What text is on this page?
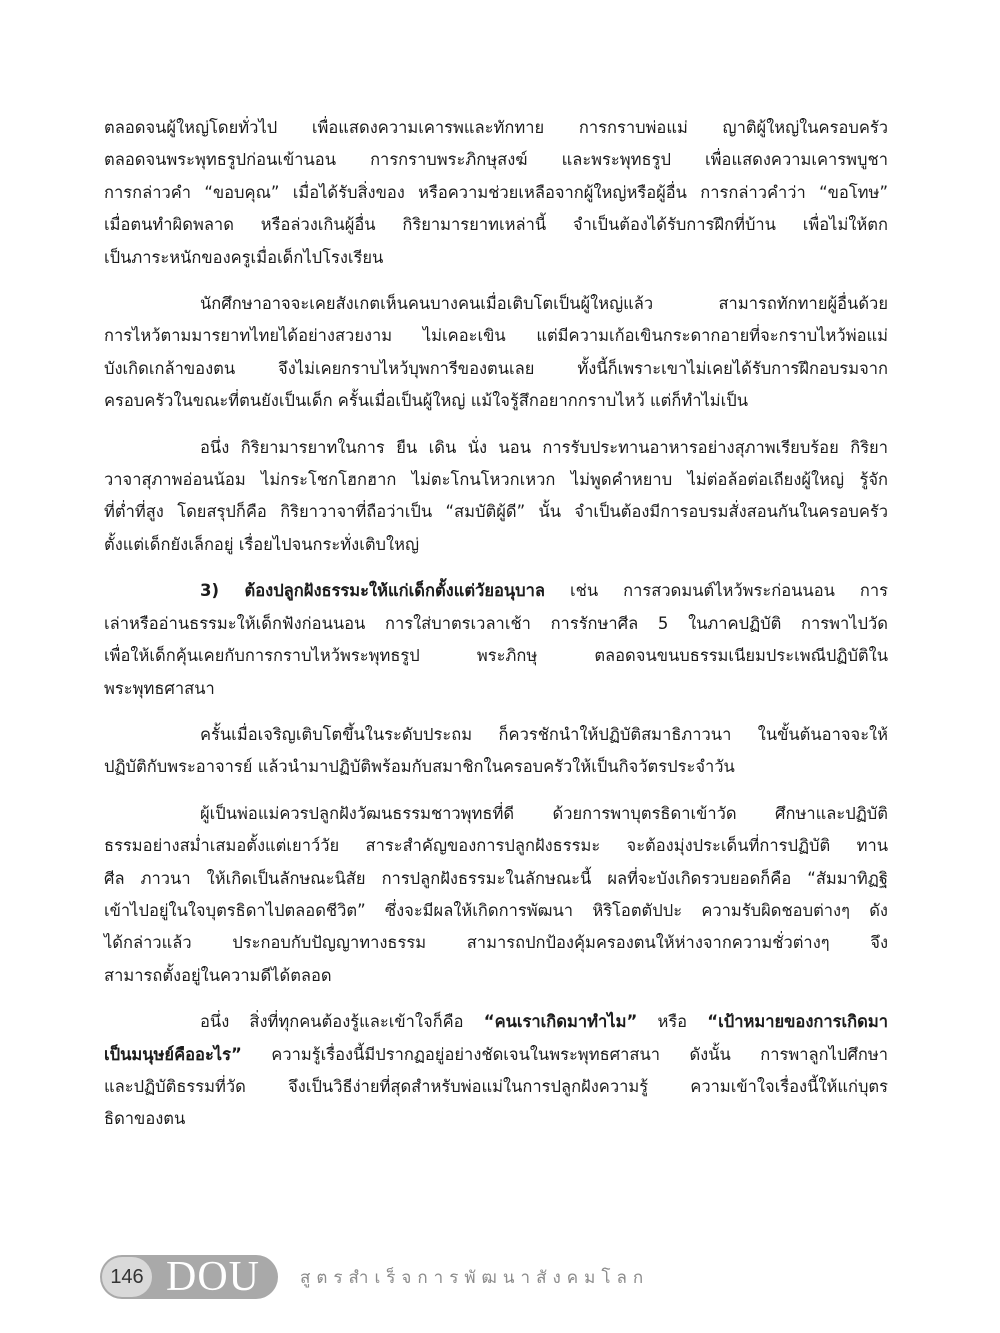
ตลอดจนผู้ใหญ่โดยทั่วไป เพื่อแสดงความเคารพและทักทาย การกราบพ่อแม่ ญาติผู้ใหญ่ในครอบครัว
ตลอดจนพระพุทธรูปก่อนเข้านอน การกราบพระภิกษุสงฆ์ และพระพุทธรูป เพื่อแสดงความเคารพบูชา
การกล่าวคำ “ขอบคุณ” เมื่อได้รับสิ่งของ หรือความช่วยเหลือจากผู้ใหญ่หรือผู้อื่น การกล่าวคำว่า “ขอโทษ”
เมื่อตนทำผิดพลาด หรือล่วงเกินผู้อื่น กิริยามารยาทเหล่านี้ จำเป็นต้องได้รับการฝึกที่บ้าน เพื่อไม่ให้ตก
เป็นภาระหนักของครูเมื่อเด็กไปโรงเรียน
นักศึกษาอาจจะเคยสังเกตเห็นคนบางคนเมื่อเติบโตเป็นผู้ใหญ่แล้ว สามารถทักทายผู้อื่นด้วย
การไหว้ตามมารยาทไทยได้อย่างสวยงาม ไม่เคอะเขิน แต่มีความเก้อเขินกระดากอายที่จะกราบไหว้พ่อแม่
บังเกิดเกล้าของตน จึงไม่เคยกราบไหว้บุพการีของตนเลย ทั้งนี้ก็เพราะเขาไม่เคยได้รับการฝึกอบรมจาก
ครอบครัวในขณะที่ตนยังเป็นเด็ก ครั้นเมื่อเป็นผู้ใหญ่ แม้ใจรู้สึกอยากกราบไหว้ แต่ก็ทำไม่เป็น
อนึ่ง กิริยามารยาทในการ ยืน เดิน นั่ง นอน การรับประทานอาหารอย่างสุภาพเรียบร้อย กิริยา
วาจาสุภาพอ่อนน้อม ไม่กระโชกโฮกฮาก ไม่ตะโกนโหวกเหวก ไม่พูดคำหยาบ ไม่ต่อล้อต่อเถียงผู้ใหญ่ รู้จัก
ที่ต่ำที่สูง โดยสรุปก็คือ กิริยาวาจาที่ถือว่าเป็น “สมบัติผู้ดี” นั้น จำเป็นต้องมีการอบรมสั่งสอนกันในครอบครัว
ตั้งแต่เด็กยังเล็กอยู่ เรื่อยไปจนกระทั่งเติบใหญ่
3) ต้องปลูกฝังธรรมะให้แก่เด็กตั้งแต่วัยอนุบาล เช่น การสวดมนต์ไหว้พระก่อนนอน การ
เล่าหรืออ่านธรรมะให้เด็กฟังก่อนนอน การใส่บาตรเวลาเช้า การรักษาศีล 5 ในภาคปฏิบัติ การพาไปวัด
เพื่อให้เด็กคุ้นเคยกับการกราบไหว้พระพุทธรูป พระภิกษุ ตลอดจนขนบธรรมเนียมประเพณีปฏิบัติใน
พระพุทธศาสนา
ครั้นเมื่อเจริญเติบโตขึ้นในระดับประถม ก็ควรชักนำให้ปฏิบัติสมาธิภาวนา ในขั้นต้นอาจจะให้
ปฏิบัติกับพระอาจารย์ แล้วนำมาปฏิบัติพร้อมกับสมาชิกในครอบครัวให้เป็นกิจวัตรประจำวัน
ผู้เป็นพ่อแม่ควรปลูกฝังวัฒนธรรมชาวพุทธที่ดี ด้วยการพาบุตรธิดาเข้าวัด ศึกษาและปฏิบัติ
ธรรมอย่างสม่ำเสมอตั้งแต่เยาว์วัย สาระสำคัญของการปลูกฝังธรรมะ จะต้องมุ่งประเด็นที่การปฏิบัติ ทาน
ศีล ภาวนา ให้เกิดเป็นลักษณะนิสัย การปลูกฝังธรรมะในลักษณะนี้ ผลที่จะบังเกิดรวบยอดก็คือ “สัมมาทิฏฐิ
เข้าไปอยู่ในใจบุตรธิดาไปตลอดชีวิต” ซึ่งจะมีผลให้เกิดการพัฒนา หิริโอตตัปปะ ความรับผิดชอบต่างๆ ดัง
ได้กล่าวแล้ว ประกอบกับปัญญาทางธรรม สามารถปกป้องคุ้มครองตนให้ห่างจากความชั่วต่างๆ จึง
สามารถตั้งอยู่ในความดีได้ตลอด
อนึ่ง สิ่งที่ทุกคนต้องรู้และเข้าใจก็คือ “คนเราเกิดมาทำไม” หรือ “เป้าหมายของการเกิดมา
เป็นมนุษย์คืออะไร” ความรู้เรื่องนี้มีปรากฏอยู่อย่างชัดเจนในพระพุทธศาสนา ดังนั้น การพาลูกไปศึกษา
และปฏิบัติธรรมที่วัด จึงเป็นวิธีง่ายที่สุดสำหรับพ่อแม่ในการปลูกฝังความรู้ ความเข้าใจเรื่องนี้ให้แก่บุตร
ธิดาของตน
146 DOU สูตรสำเร็จการพัฒนาสังคมโลก
